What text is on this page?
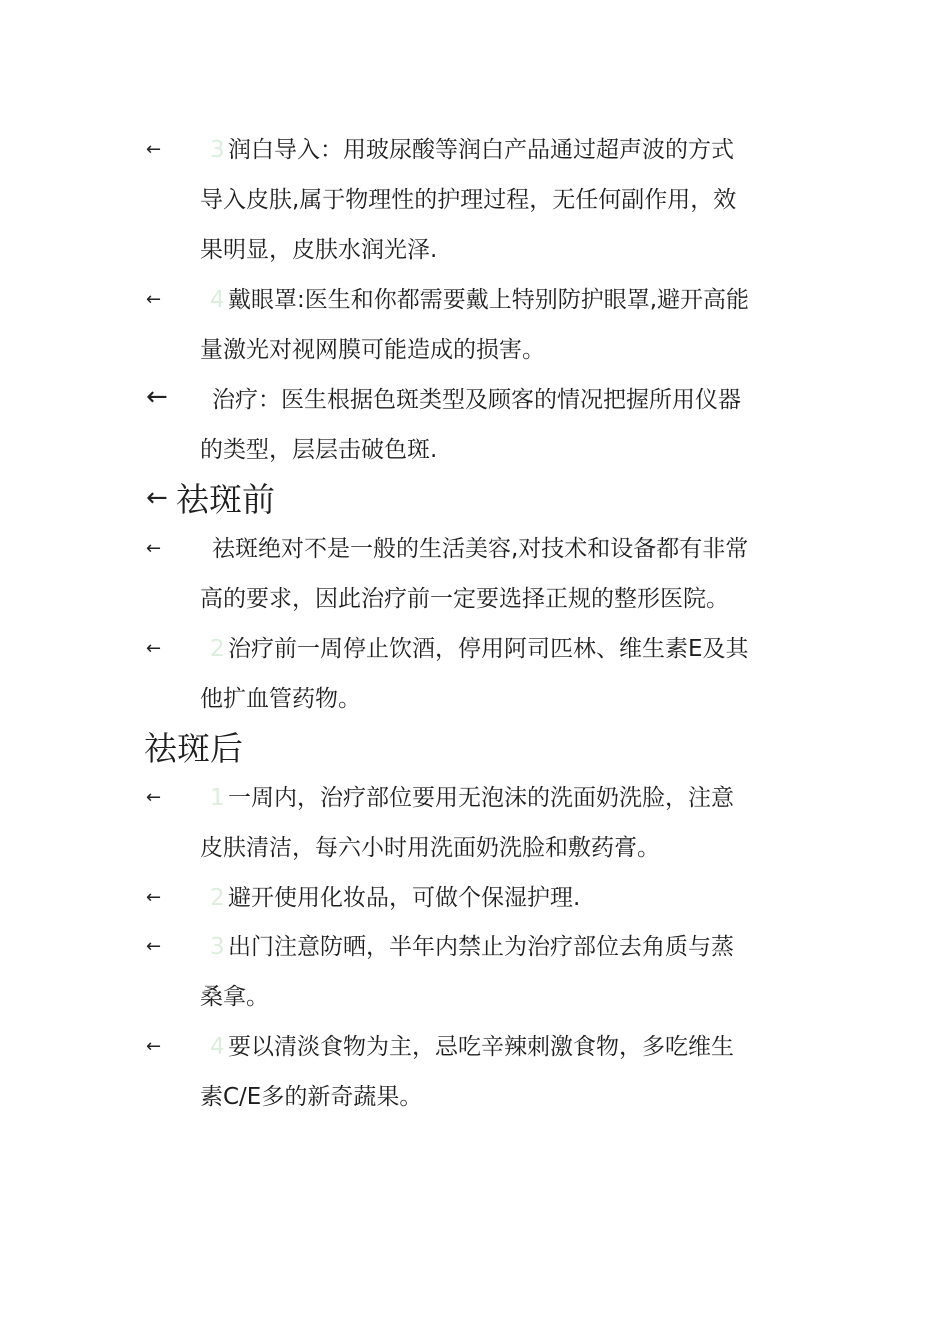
← 3 润白导入：用玻尿酸等润白产品通过超声波的方式
导入皮肤,属于物理性的护理过程，无任何副作用，效
果明显，皮肤水润光泽.
← 4 戴眼罩:医生和你都需要戴上特别防护眼罩,避开高能
量激光对视网膜可能造成的损害。
←	治疗：医生根据色斑类型及顾客的情况把握所用仪器
的类型，层层击破色斑.
← 祛斑前
←	祛斑绝对不是一般的生活美容,对技术和设备都有非常
高的要求，因此治疗前一定要选择正规的整形医院。
← 2 治疗前一周停止饮酒，停用阿司匹林、维生素E及其
他扩血管药物。
祛斑后
← 1 一周内，治疗部位要用无泡沫的洗面奶洗脸，注意
皮肤清洁，每六小时用洗面奶洗脸和敷药膏。
← 2 避开使用化妆品，可做个保湿护理.
← 3 出门注意防晒，半年内禁止为治疗部位去角质与蒸
桑拿。
← 4 要以清淡食物为主，忌吃辛辣刺激食物，多吃维生
素C/E多的新奇蔬果。
